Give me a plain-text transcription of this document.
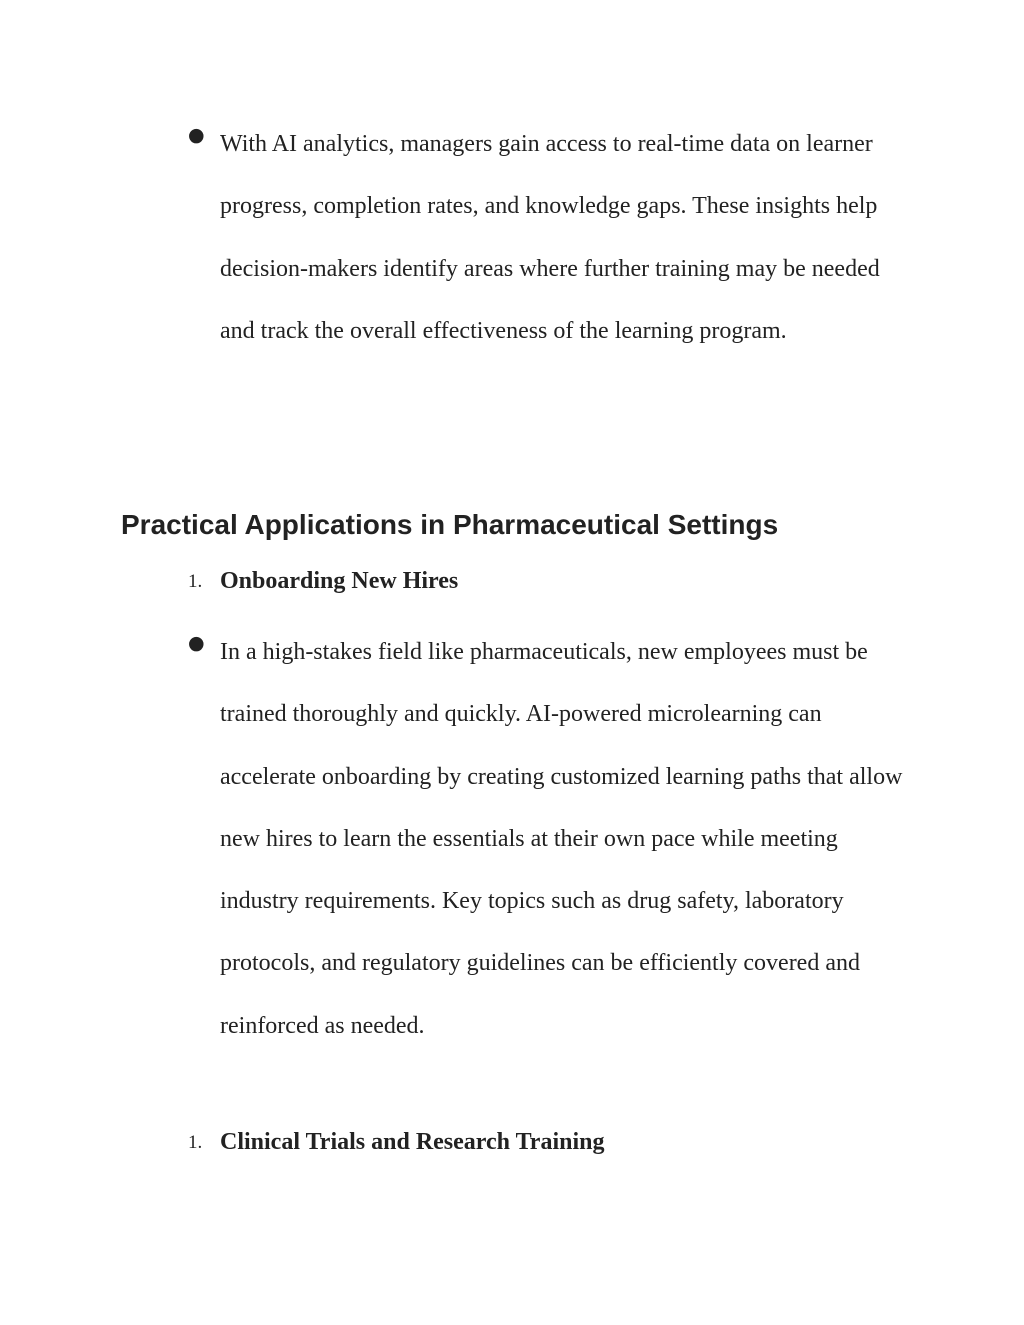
● With AI analytics, managers gain access to real-time data on learner progress, completion rates, and knowledge gaps. These insights help decision-makers identify areas where further training may be needed and track the overall effectiveness of the learning program.
Practical Applications in Pharmaceutical Settings
1. Onboarding New Hires
● In a high-stakes field like pharmaceuticals, new employees must be trained thoroughly and quickly. AI-powered microlearning can accelerate onboarding by creating customized learning paths that allow new hires to learn the essentials at their own pace while meeting industry requirements. Key topics such as drug safety, laboratory protocols, and regulatory guidelines can be efficiently covered and reinforced as needed.
1. Clinical Trials and Research Training
